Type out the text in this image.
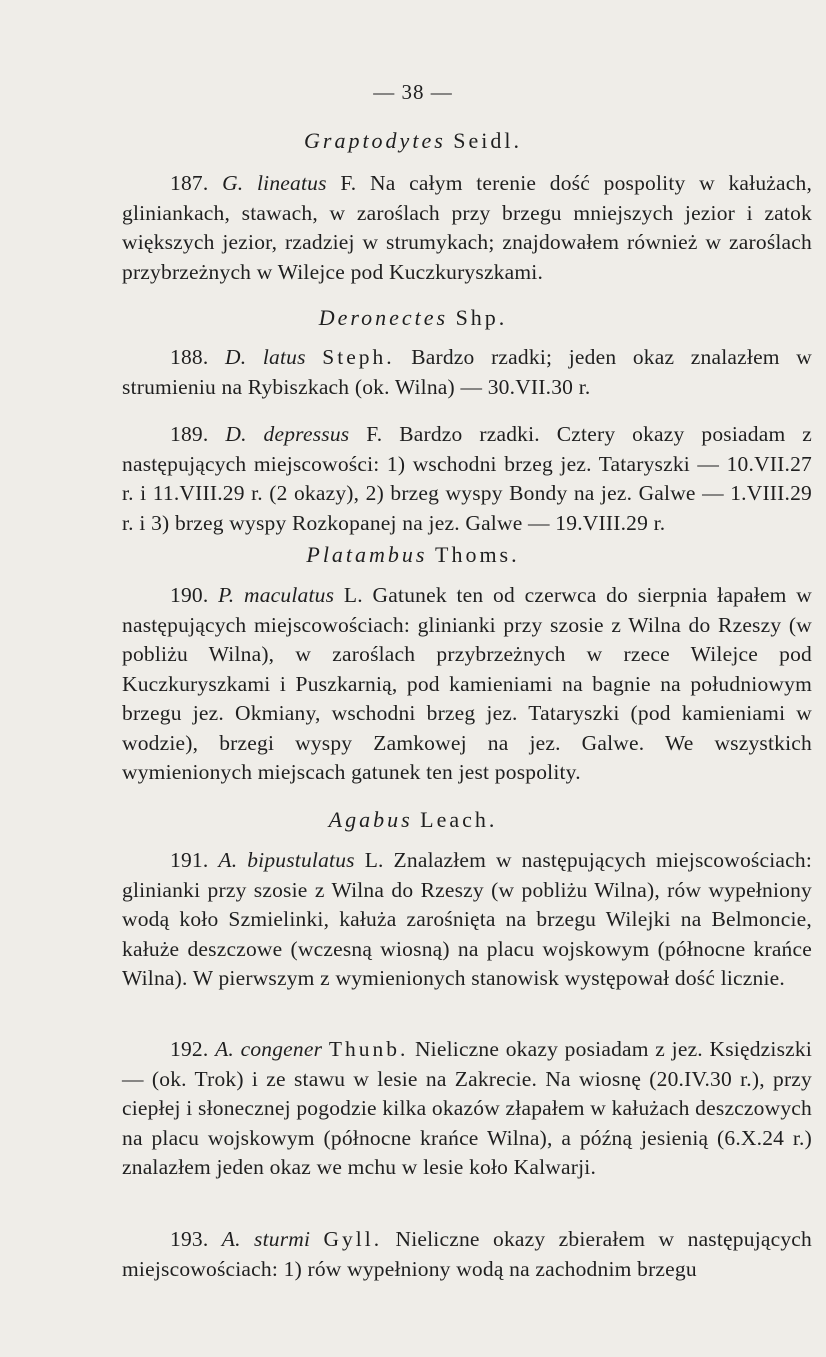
— 38 —
Graptodytes Seidl.
187. G. lineatus F. Na całym terenie dość pospolity w kałużach, gliniankach, stawach, w zaroślach przy brzegu mniejszych jezior i zatok większych jezior, rzadziej w strumykach; znajdowałem również w zaroślach przybrzeżnych w Wilejce pod Kuczkuryszkami.
Deronectes Shp.
188. D. latus Steph. Bardzo rzadki; jeden okaz znalazłem w strumieniu na Rybiszkach (ok. Wilna) — 30.VII.30 r.
189. D. depressus F. Bardzo rzadki. Cztery okazy posiadam z następujących miejscowości: 1) wschodni brzeg jez. Tataryszki — 10.VII.27 r. i 11.VIII.29 r. (2 okazy), 2) brzeg wyspy Bondy na jez. Galwe — 1.VIII.29 r. i 3) brzeg wyspy Rozkopanej na jez. Galwe — 19.VIII.29 r.
Platambus Thoms.
190. P. maculatus L. Gatunek ten od czerwca do sierpnia łapałem w następujących miejscowościach: glinianki przy szosie z Wilna do Rzeszy (w pobliżu Wilna), w zaroślach przybrzeżnych w rzece Wilejce pod Kuczkuryszkami i Puszkarnią, pod kamieniami na bagnie na południowym brzegu jez. Okmiany, wschodni brzeg jez. Tataryszki (pod kamieniami w wodzie), brzegi wyspy Zamkowej na jez. Galwe. We wszystkich wymienionych miejscach gatunek ten jest pospolity.
Agabus Leach.
191. A. bipustulatus L. Znalazłem w następujących miejscowościach: glinianki przy szosie z Wilna do Rzeszy (w pobliżu Wilna), rów wypełniony wodą koło Szmielinki, kałuża zarośnięta na brzegu Wilejki na Belmoncie, kałuże deszczowe (wczesną wiosną) na placu wojskowym (północne krańce Wilna). W pierwszym z wymienionych stanowisk występował dość licznie.
192. A. congener Thunb. Nieliczne okazy posiadam z jez. Księdziszki — (ok. Trok) i ze stawu w lesie na Zakrecie. Na wiosnę (20.IV.30 r.), przy ciepłej i słonecznej pogodzie kilka okazów złapałem w kałużach deszczowych na placu wojskowym (północne krańce Wilna), a późną jesienią (6.X.24 r.) znalazłem jeden okaz we mchu w lesie koło Kalwarji.
193. A. sturmi Gyll. Nieliczne okazy zbierałem w następujących miejscowościach: 1) rów wypełniony wodą na zachodnim brzegu
